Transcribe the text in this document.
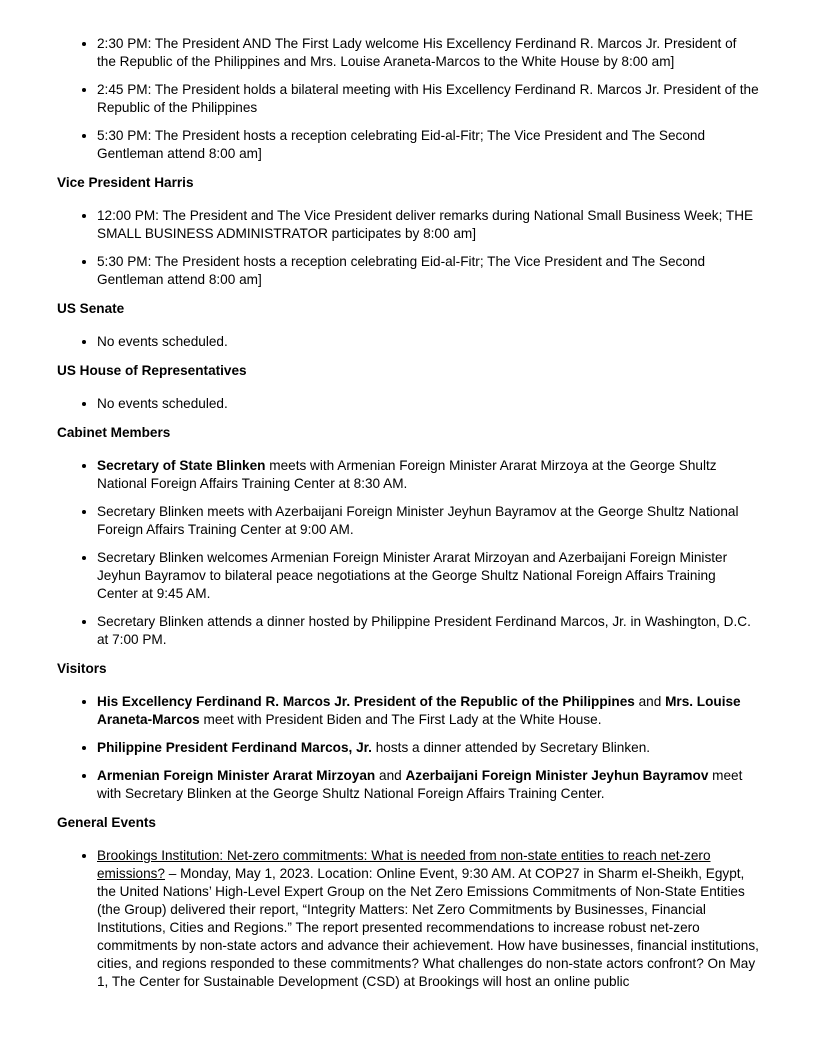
• 2:30 PM: The President AND The First Lady welcome His Excellency Ferdinand R. Marcos Jr. President of the Republic of the Philippines and Mrs. Louise Araneta-Marcos to the White House by 8:00 am]
• 2:45 PM: The President holds a bilateral meeting with His Excellency Ferdinand R. Marcos Jr. President of the Republic of the Philippines
• 5:30 PM: The President hosts a reception celebrating Eid-al-Fitr; The Vice President and The Second Gentleman attend 8:00 am]
Vice President Harris
• 12:00 PM: The President and The Vice President deliver remarks during National Small Business Week; THE SMALL BUSINESS ADMINISTRATOR participates by 8:00 am]
• 5:30 PM: The President hosts a reception celebrating Eid-al-Fitr; The Vice President and The Second Gentleman attend 8:00 am]
US Senate
• No events scheduled.
US House of Representatives
• No events scheduled.
Cabinet Members
• Secretary of State Blinken meets with Armenian Foreign Minister Ararat Mirzoya at the George Shultz National Foreign Affairs Training Center at 8:30 AM.
• Secretary Blinken meets with Azerbaijani Foreign Minister Jeyhun Bayramov at the George Shultz National Foreign Affairs Training Center at 9:00 AM.
• Secretary Blinken welcomes Armenian Foreign Minister Ararat Mirzoyan and Azerbaijani Foreign Minister Jeyhun Bayramov to bilateral peace negotiations at the George Shultz National Foreign Affairs Training Center at 9:45 AM.
• Secretary Blinken attends a dinner hosted by Philippine President Ferdinand Marcos, Jr. in Washington, D.C. at 7:00 PM.
Visitors
• His Excellency Ferdinand R. Marcos Jr. President of the Republic of the Philippines and Mrs. Louise Araneta-Marcos meet with President Biden and The First Lady at the White House.
• Philippine President Ferdinand Marcos, Jr. hosts a dinner attended by Secretary Blinken.
• Armenian Foreign Minister Ararat Mirzoyan and Azerbaijani Foreign Minister Jeyhun Bayramov meet with Secretary Blinken at the George Shultz National Foreign Affairs Training Center.
General Events
• Brookings Institution: Net-zero commitments: What is needed from non-state entities to reach net-zero emissions? – Monday, May 1, 2023. Location: Online Event, 9:30 AM. At COP27 in Sharm el-Sheikh, Egypt, the United Nations’ High-Level Expert Group on the Net Zero Emissions Commitments of Non-State Entities (the Group) delivered their report, “Integrity Matters: Net Zero Commitments by Businesses, Financial Institutions, Cities and Regions.” The report presented recommendations to increase robust net-zero commitments by non-state actors and advance their achievement. How have businesses, financial institutions, cities, and regions responded to these commitments? What challenges do non-state actors confront? On May 1, The Center for Sustainable Development (CSD) at Brookings will host an online public
